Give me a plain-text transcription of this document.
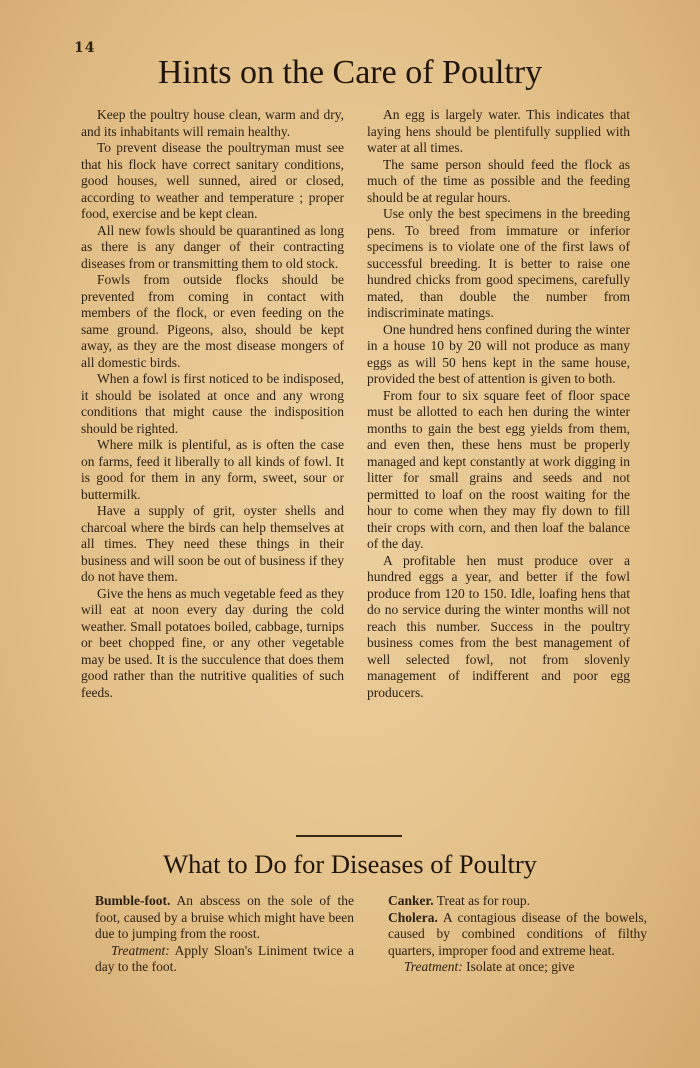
14
Hints on the Care of Poultry

Keep the poultry house clean, warm and dry, and its inhabitants will remain healthy.

To prevent disease the poultryman must see that his flock have correct sanitary conditions, good houses, well sunned, aired or closed, according to weather and temperature ; proper food, exercise and be kept clean.

All new fowls should be quarantined as long as there is any danger of their contracting diseases from or transmitting them to old stock.

Fowls from outside flocks should be prevented from coming in contact with members of the flock, or even feeding on the same ground. Pigeons, also, should be kept away, as they are the most disease mongers of all domestic birds.

When a fowl is first noticed to be indisposed, it should be isolated at once and any wrong conditions that might cause the indisposition should be righted.

Where milk is plentiful, as is often the case on farms, feed it liberally to all kinds of fowl. It is good for them in any form, sweet, sour or buttermilk.

Have a supply of grit, oyster shells and charcoal where the birds can help themselves at all times. They need these things in their business and will soon be out of business if they do not have them.

Give the hens as much vegetable feed as they will eat at noon every day during the cold weather. Small potatoes boiled, cabbage, turnips or beet chopped fine, or any other vegetable may be used. It is the succulence that does them good rather than the nutritive qualities of such feeds.

An egg is largely water. This indicates that laying hens should be plentifully supplied with water at all times.

The same person should feed the flock as much of the time as possible and the feeding should be at regular hours.

Use only the best specimens in the breeding pens. To breed from immature or inferior specimens is to violate one of the first laws of successful breeding. It is better to raise one hundred chicks from good specimens, carefully mated, than double the number from indiscriminate matings.

One hundred hens confined during the winter in a house 10 by 20 will not produce as many eggs as will 50 hens kept in the same house, provided the best of attention is given to both.

From four to six square feet of floor space must be allotted to each hen during the winter months to gain the best egg yields from them, and even then, these hens must be properly managed and kept constantly at work digging in litter for small grains and seeds and not permitted to loaf on the roost waiting for the hour to come when they may fly down to fill their crops with corn, and then loaf the balance of the day.

A profitable hen must produce over a hundred eggs a year, and better if the fowl produce from 120 to 150. Idle, loafing hens that do no service during the winter months will not reach this number. Success in the poultry business comes from the best management of well selected fowl, not from slovenly management of indifferent and poor egg producers.

What to Do for Diseases of Poultry

Bumble-foot. An abscess on the sole of the foot, caused by a bruise which might have been due to jumping from the roost.

Treatment: Apply Sloan's Liniment twice a day to the foot.

Canker. Treat as for roup.

Cholera. A contagious disease of the bowels, caused by combined conditions of filthy quarters, improper food and extreme heat.

Treatment: Isolate at once; give
